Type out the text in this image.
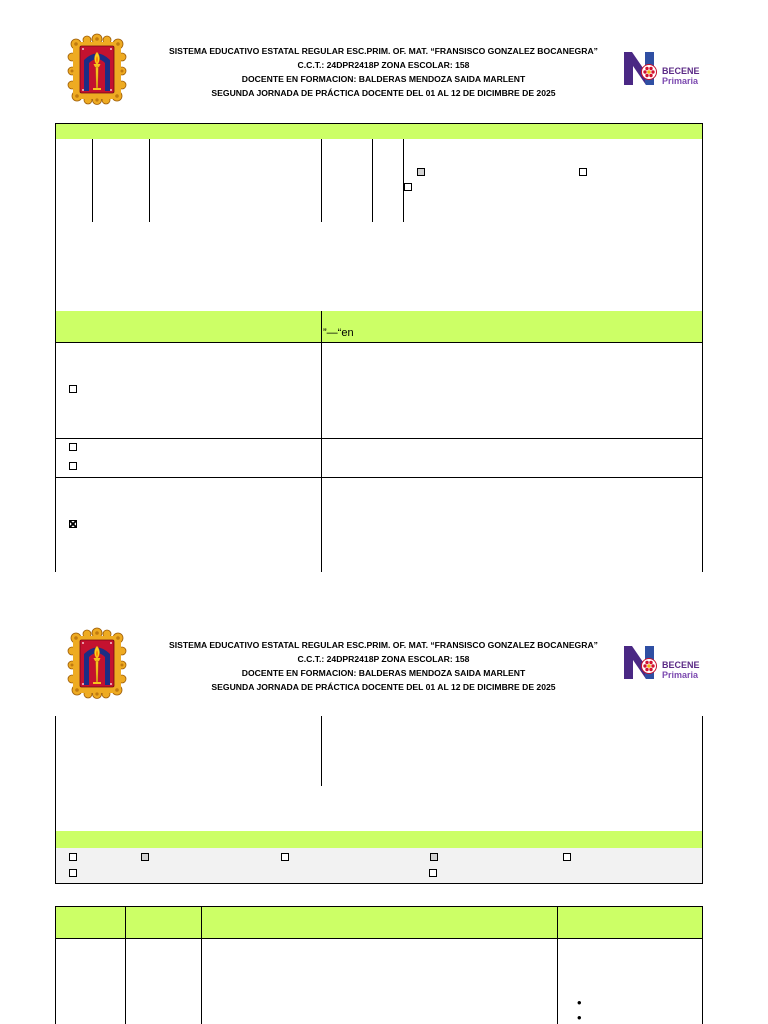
SISTEMA EDUCATIVO ESTATAL REGULAR ESC.PRIM. OF. MAT. “FRANSISCO GONZALEZ BOCANEGRA”
C.C.T.: 24DPR2418P ZONA ESCOLAR: 158
DOCENTE EN FORMACION: BALDERAS MENDOZA SAIDA MARLENT
SEGUNDA JORNADA DE PRÁCTICA DOCENTE DEL 01 AL 12 DE DICIMBRE DE 2025
BECENE
Primaria
”—“en
SISTEMA EDUCATIVO ESTATAL REGULAR ESC.PRIM. OF. MAT. “FRANSISCO GONZALEZ BOCANEGRA”
C.C.T.: 24DPR2418P ZONA ESCOLAR: 158
DOCENTE EN FORMACION: BALDERAS MENDOZA SAIDA MARLENT
SEGUNDA JORNADA DE PRÁCTICA DOCENTE DEL 01 AL 12 DE DICIMBRE DE 2025
BECENE
Primaria
•
•
